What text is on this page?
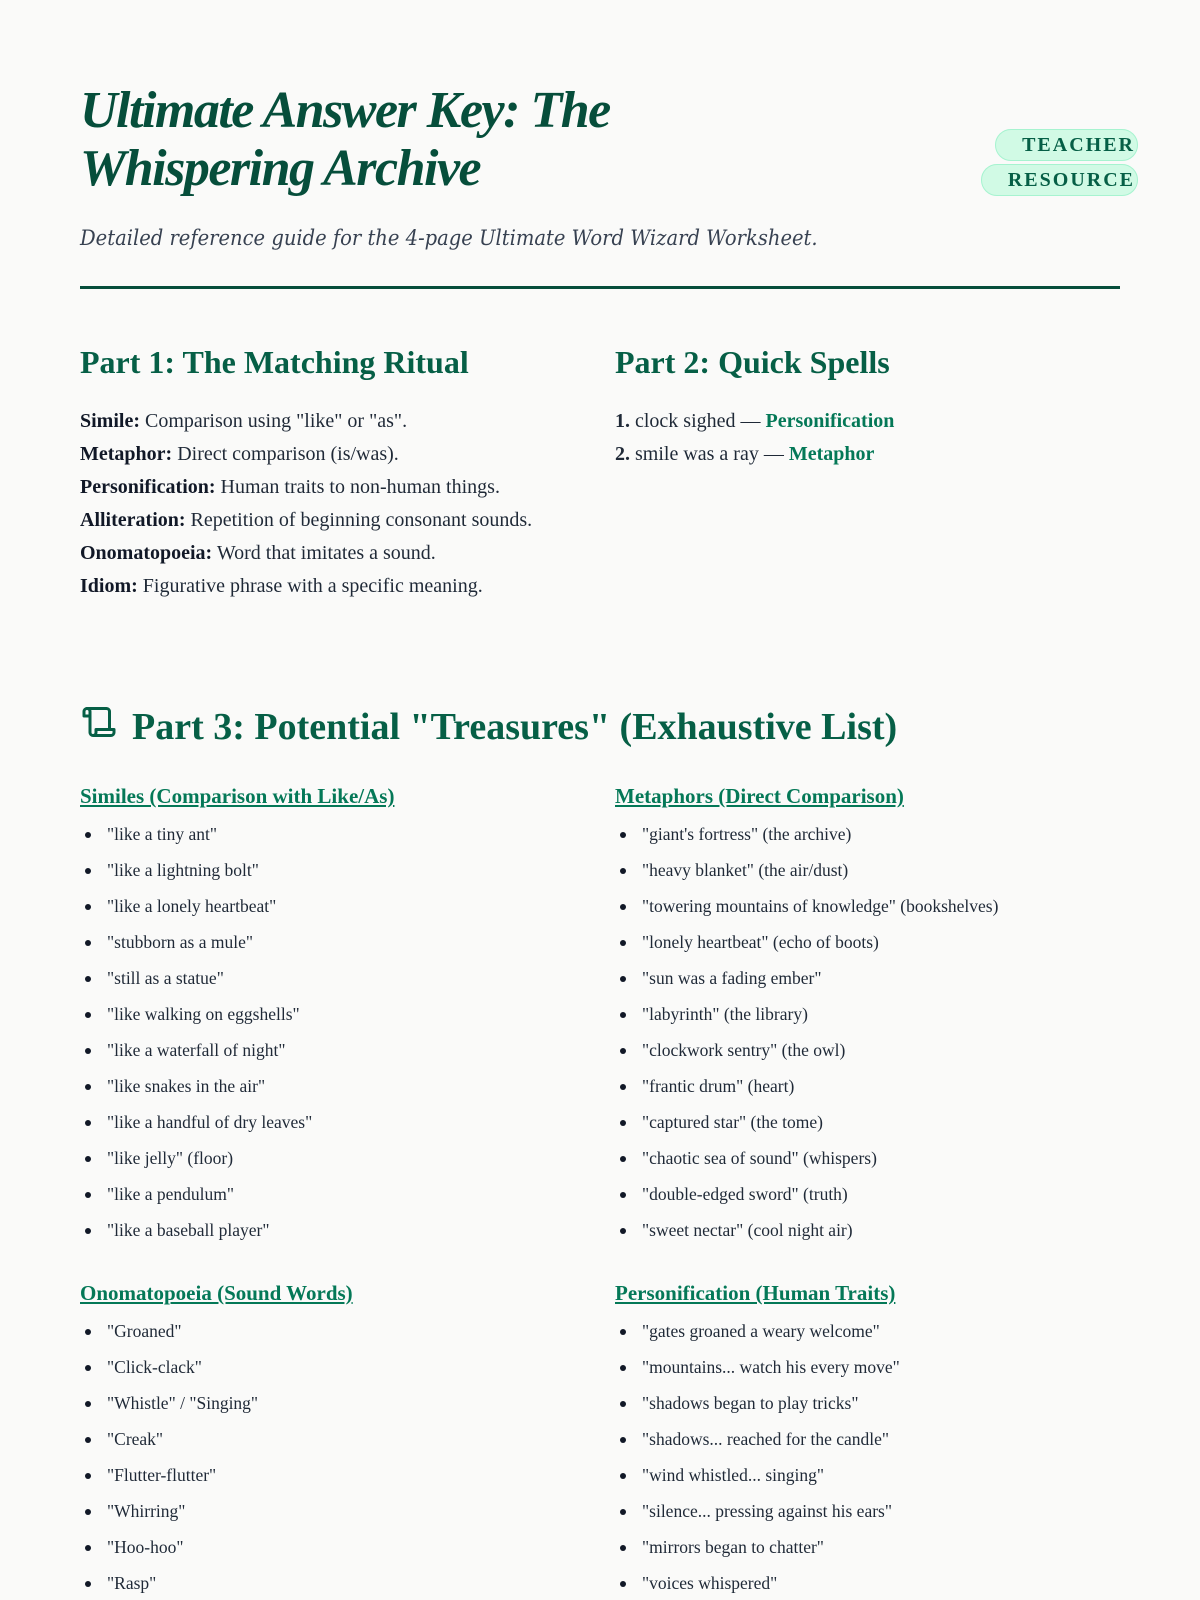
Ultimate Answer Key: The
Whispering Archive	TEACHER RESOURCE
Detailed reference guide for the 4-page Ultimate Word Wizard Worksheet.
Part 1: The Matching Ritual
Simile: Comparison using "like" or "as".
Metaphor: Direct comparison (is/was).
Personification: Human traits to non-human things.
Alliteration: Repetition of beginning consonant sounds.
Onomatopoeia: Word that imitates a sound.
Idiom: Figurative phrase with a specific meaning.
Part 2: Quick Spells
1. clock sighed — Personification
2. smile was a ray — Metaphor
Part 3: Potential "Treasures" (Exhaustive List)
Similes (Comparison with Like/As)
"like a tiny ant"
"like a lightning bolt"
"like a lonely heartbeat"
"stubborn as a mule"
"still as a statue"
"like walking on eggshells"
"like a waterfall of night"
"like snakes in the air"
"like a handful of dry leaves"
"like jelly" (floor)
"like a pendulum"
"like a baseball player"
Metaphors (Direct Comparison)
"giant's fortress" (the archive)
"heavy blanket" (the air/dust)
"towering mountains of knowledge" (bookshelves)
"lonely heartbeat" (echo of boots)
"sun was a fading ember"
"labyrinth" (the library)
"clockwork sentry" (the owl)
"frantic drum" (heart)
"captured star" (the tome)
"chaotic sea of sound" (whispers)
"double-edged sword" (truth)
"sweet nectar" (cool night air)
Onomatopoeia (Sound Words)
"Groaned"
"Click-clack"
"Whistle" / "Singing"
"Creak"
"Flutter-flutter"
"Whirring"
"Hoo-hoo"
"Rasp"
Personification (Human Traits)
"gates groaned a weary welcome"
"mountains... watch his every move"
"shadows began to play tricks"
"shadows... reached for the candle"
"wind whistled... singing"
"silence... pressing against his ears"
"mirrors began to chatter"
"voices whispered"
